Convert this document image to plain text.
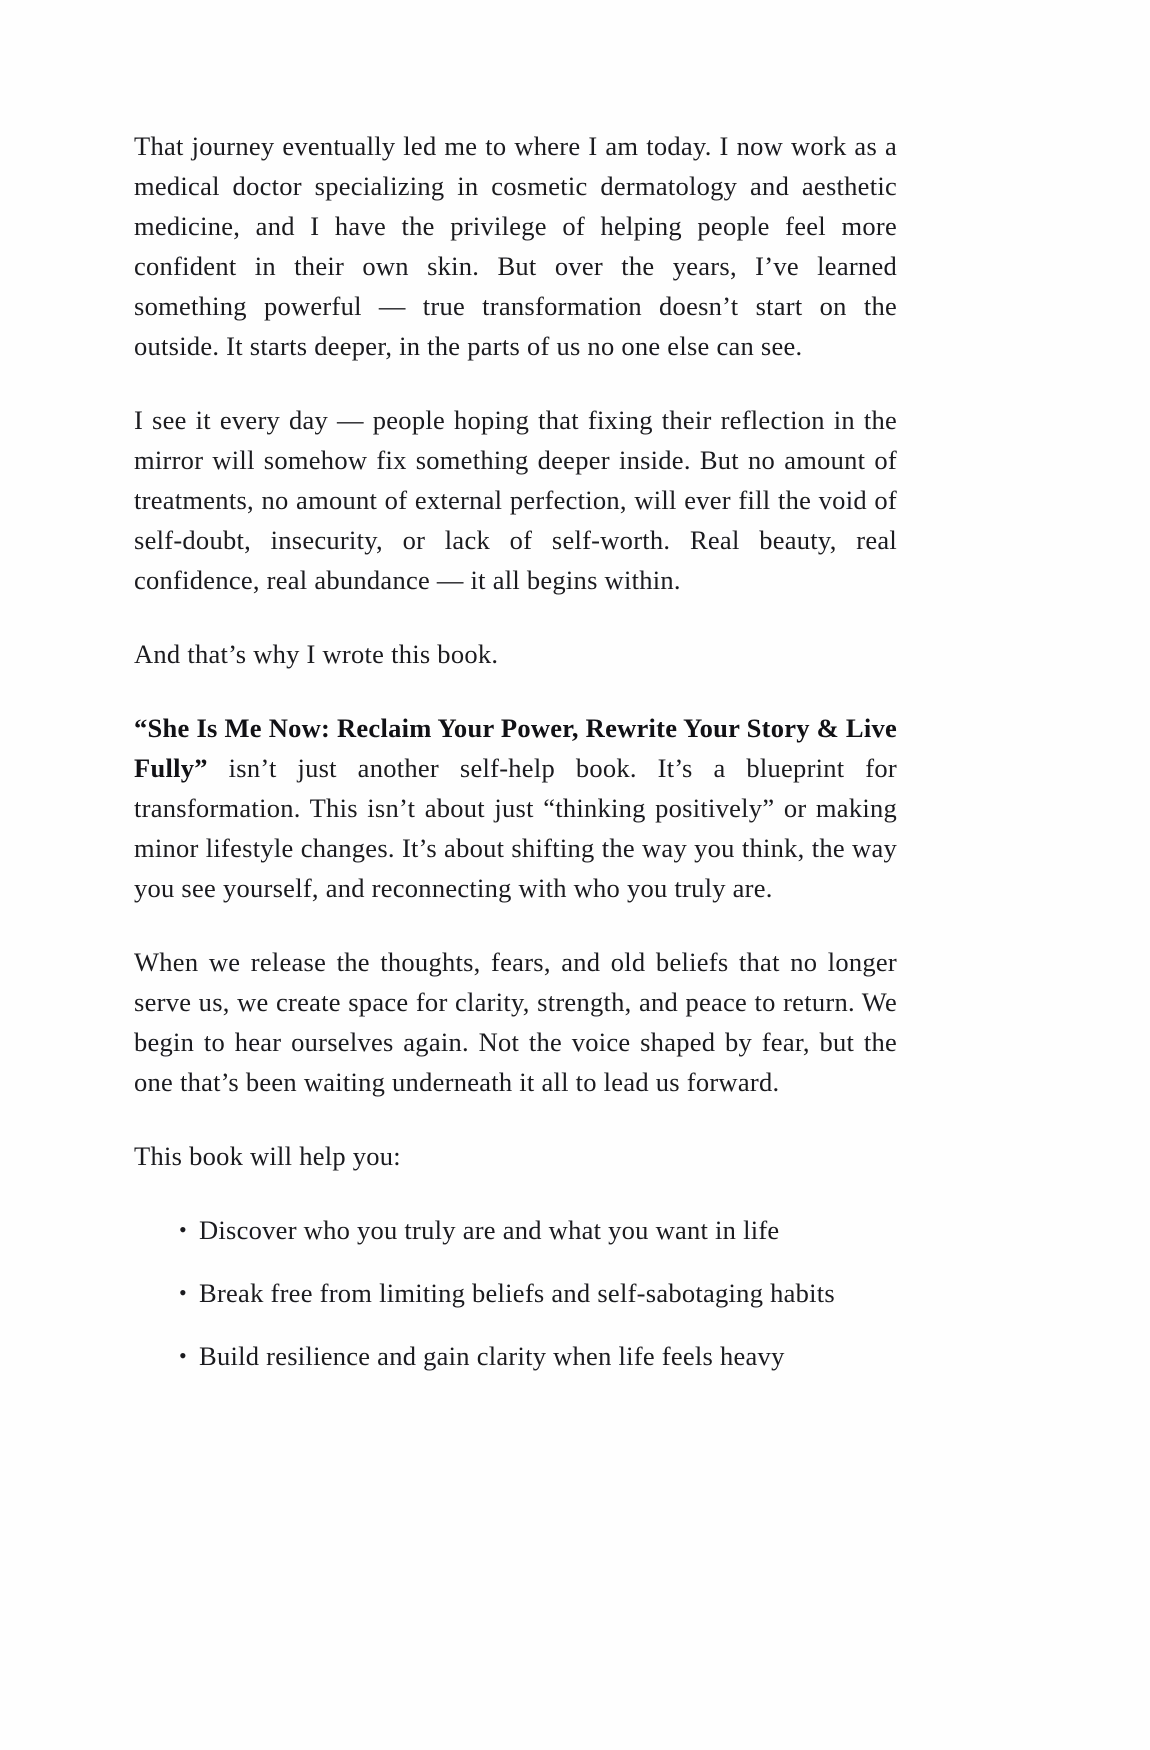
That journey eventually led me to where I am today. I now work as a medical doctor specializing in cosmetic dermatology and aesthetic medicine, and I have the privilege of helping people feel more confident in their own skin. But over the years, I’ve learned something powerful — true transformation doesn’t start on the outside. It starts deeper, in the parts of us no one else can see.

I see it every day — people hoping that fixing their reflection in the mirror will somehow fix something deeper inside. But no amount of treatments, no amount of external perfection, will ever fill the void of self-doubt, insecurity, or lack of self-worth. Real beauty, real confidence, real abundance — it all begins within.

And that’s why I wrote this book.

“She Is Me Now: Reclaim Your Power, Rewrite Your Story & Live Fully” isn’t just another self-help book. It’s a blueprint for transformation. This isn’t about just “thinking positively” or making minor lifestyle changes. It’s about shifting the way you think, the way you see yourself, and reconnecting with who you truly are.

When we release the thoughts, fears, and old beliefs that no longer serve us, we create space for clarity, strength, and peace to return. We begin to hear ourselves again. Not the voice shaped by fear, but the one that’s been waiting underneath it all to lead us forward.

This book will help you:

• Discover who you truly are and what you want in life
• Break free from limiting beliefs and self-sabotaging habits
• Build resilience and gain clarity when life feels heavy
